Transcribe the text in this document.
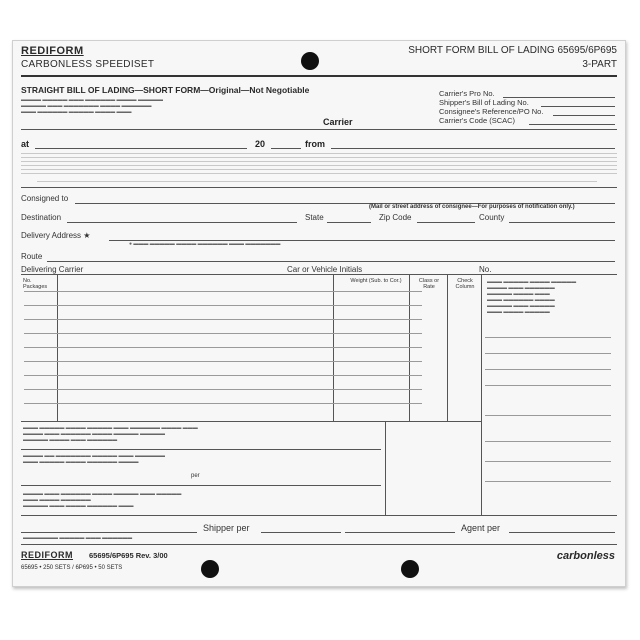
REDIFORM
CARBONLESS SPEEDISET
SHORT FORM BILL OF LADING 65695/6P695
3-PART
STRAIGHT BILL OF LADING—SHORT FORM—Original—Not Negotiable
▬▬▬▬ ▬▬▬▬▬ ▬▬▬ ▬▬▬▬▬▬ ▬▬▬▬ ▬▬▬▬▬
▬▬▬▬▬ ▬▬▬ ▬▬▬▬▬▬▬ ▬▬▬▬ ▬▬▬▬▬▬
▬▬▬ ▬▬▬▬▬▬ ▬▬▬▬▬ ▬▬▬▬ ▬▬▬
Carrier
Carrier's Pro No.
Shipper's Bill of Lading No.
Consignee's Reference/PO No.
Carrier's Code (SCAC)
at	20	from
Consigned to
(Mail or street address of consignee—For purposes of notification only.)
Destination	State	Zip Code	County
Delivery Address ★
● ▬▬▬ ▬▬▬▬▬ ▬▬▬▬ ▬▬▬▬▬▬ ▬▬▬ ▬▬▬▬▬▬▬
Route
Delivering Carrier	Car or Vehicle Initials	No.
No. Packages
Weight (Sub. to Cor.)	Class or Rate
Check Column
▬▬▬ ▬▬▬▬▬ ▬▬▬▬ ▬▬▬▬▬
▬▬▬▬ ▬▬▬ ▬▬▬▬▬▬
▬▬▬▬▬ ▬▬▬▬ ▬▬▬
▬▬▬ ▬▬▬▬▬▬ ▬▬▬▬
▬▬▬▬▬ ▬▬▬ ▬▬▬▬▬
▬▬▬ ▬▬▬▬ ▬▬▬▬▬
▬▬▬ ▬▬▬▬▬ ▬▬▬▬ ▬▬▬▬▬ ▬▬▬ ▬▬▬▬▬▬ ▬▬▬▬ ▬▬▬
▬▬▬▬ ▬▬▬ ▬▬▬▬▬▬ ▬▬▬▬ ▬▬▬▬▬ ▬▬▬▬▬
▬▬▬▬▬ ▬▬▬▬ ▬▬▬ ▬▬▬▬▬▬
▬▬▬▬ ▬▬ ▬▬▬▬▬▬▬ ▬▬▬▬▬ ▬▬▬ ▬▬▬▬▬▬
▬▬▬ ▬▬▬▬▬ ▬▬▬▬ ▬▬▬▬▬▬ ▬▬▬▬
per
▬▬▬▬ ▬▬▬ ▬▬▬▬▬▬ ▬▬▬▬ ▬▬▬▬▬ ▬▬▬ ▬▬▬▬▬
▬▬▬ ▬▬▬▬ ▬▬▬▬▬▬
▬▬▬▬▬ ▬▬▬ ▬▬▬▬ ▬▬▬▬▬▬ ▬▬▬
Shipper per	Agent per
▬▬▬▬▬▬▬ ▬▬▬▬▬ ▬▬▬ ▬▬▬▬▬▬
REDIFORM 65695/6P695 Rev. 3/00
65695 • 250 SETS / 6P695 • 50 SETS
carbonless
